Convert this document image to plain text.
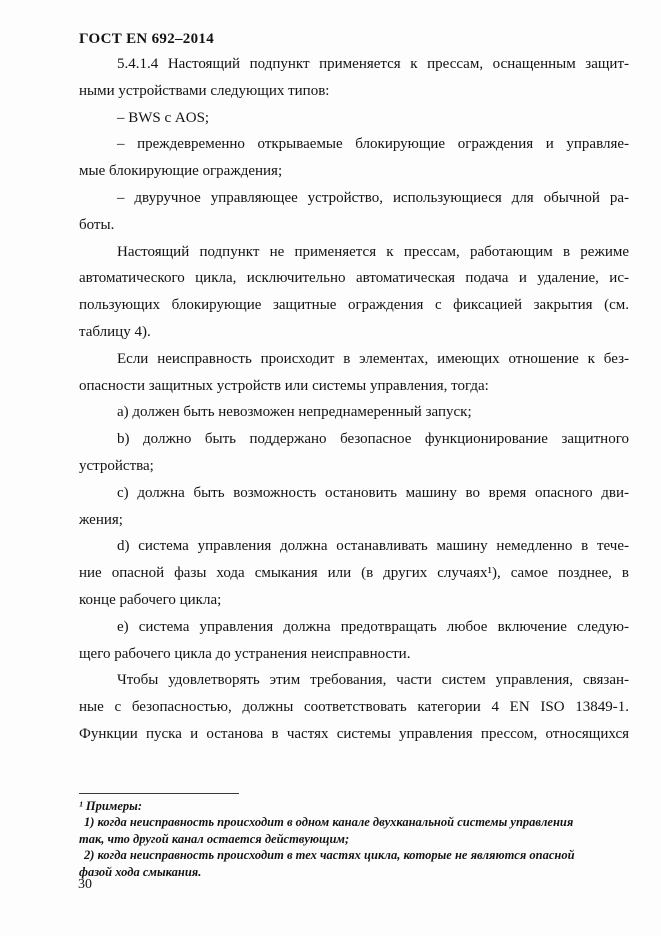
ГОСТ EN 692–2014
5.4.1.4 Настоящий подпункт применяется к прессам, оснащенным защит-
ными устройствами следующих типов:
– BWS с AOS;
– преждевременно открываемые блокирующие ограждения и управляе-
мые блокирующие ограждения;
– двуручное управляющее устройство, использующиеся для обычной ра-
боты.
Настоящий подпункт не применяется к прессам, работающим в режиме
автоматического цикла, исключительно автоматическая подача и удаление, ис-
пользующих блокирующие защитные ограждения с фиксацией закрытия (см.
таблицу 4).
Если неисправность происходит в элементах, имеющих отношение к без-
опасности защитных устройств или системы управления, тогда:
a) должен быть невозможен непреднамеренный запуск;
b) должно быть поддержано безопасное функционирование защитного
устройства;
c) должна быть возможность остановить машину во время опасного дви-
жения;
d) система управления должна останавливать машину немедленно в тече-
ние опасной фазы хода смыкания или (в других случаях¹), самое позднее, в
конце рабочего цикла;
e) система управления должна предотвращать любое включение следую-
щего рабочего цикла до устранения неисправности.
Чтобы удовлетворять этим требования, части систем управления, связан-
ные с безопасностью, должны соответствовать категории 4 EN ISO 13849-1.
Функции пуска и останова в частях системы управления прессом, относящихся
¹ Примеры:
1) когда неисправность происходит в одном канале двухканальной системы управления
так, что другой канал остается действующим;
2) когда неисправность происходит в тех частях цикла, которые не являются опасной
фазой хода смыкания.
30
